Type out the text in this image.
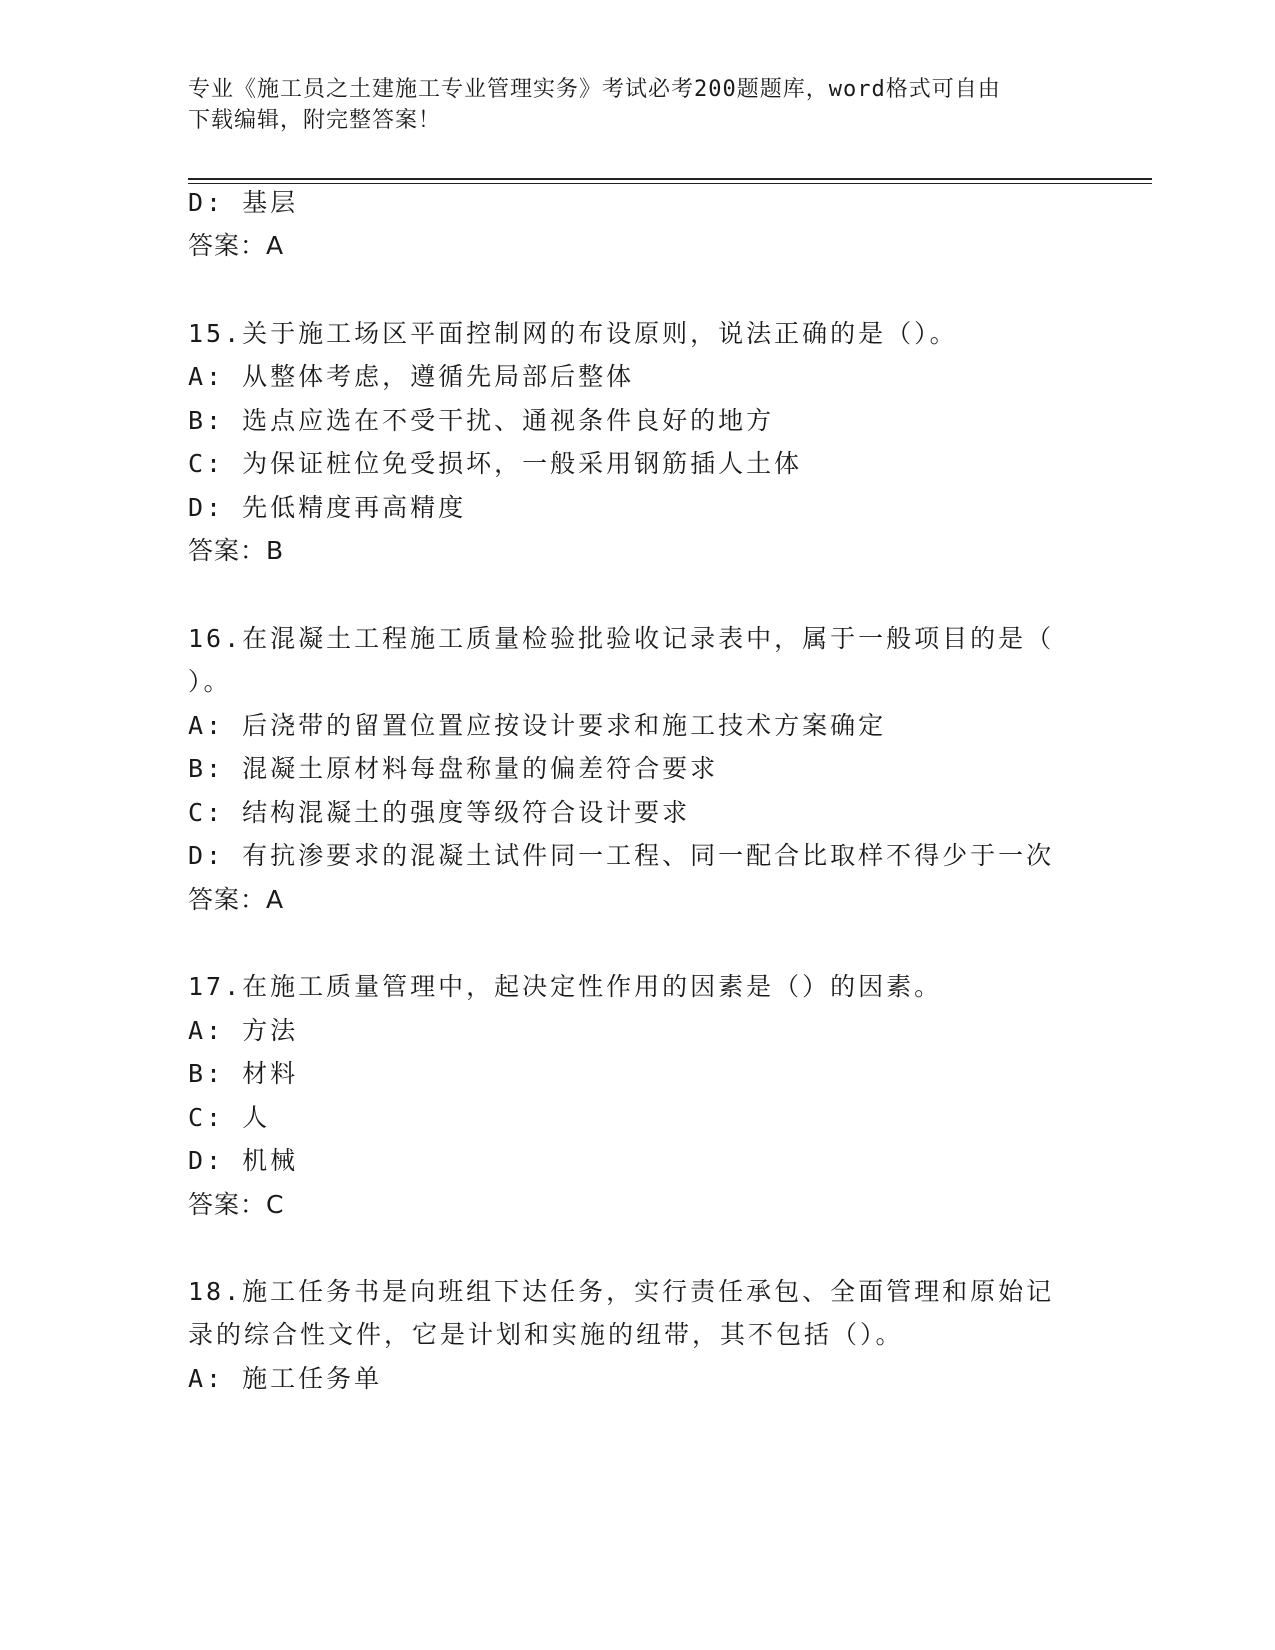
专业《施工员之土建施工专业管理实务》考试必考200题题库，word格式可自由
下载编辑，附完整答案！
D: 基层
答案：A
15.关于施工场区平面控制网的布设原则，说法正确的是（）。
A: 从整体考虑，遵循先局部后整体
B: 选点应选在不受干扰、通视条件良好的地方
C: 为保证桩位免受损坏，一般采用钢筋插人土体
D: 先低精度再高精度
答案：B
16.在混凝土工程施工质量检验批验收记录表中，属于一般项目的是（
）。
A: 后浇带的留置位置应按设计要求和施工技术方案确定
B: 混凝土原材料每盘称量的偏差符合要求
C: 结构混凝土的强度等级符合设计要求
D: 有抗渗要求的混凝土试件同一工程、同一配合比取样不得少于一次
答案：A
17.在施工质量管理中，起决定性作用的因素是（）的因素。
A: 方法
B: 材料
C: 人
D: 机械
答案：C
18.施工任务书是向班组下达任务，实行责任承包、全面管理和原始记
录的综合性文件，它是计划和实施的纽带，其不包括（）。
A: 施工任务单
